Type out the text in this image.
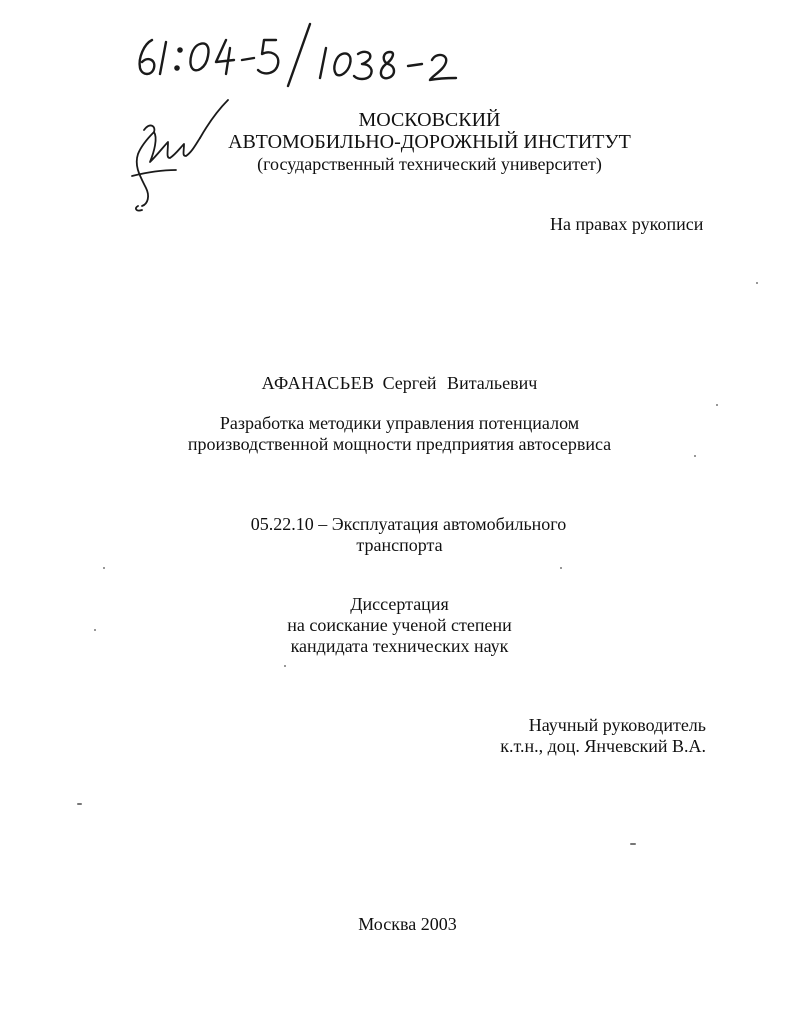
МОСКОВСКИЙ
АВТОМОБИЛЬНО-ДОРОЖНЫЙ ИНСТИТУТ
(государственный технический университет)
На правах рукописи
АФАНАСЬЕВ Сергей Витальевич
Разработка методики управления потенциалом
производственной мощности предприятия автосервиса
05.22.10 – Эксплуатация автомобильного
транспорта
Диссертация
на соискание ученой степени
кандидата технических наук
Научный руководитель
к.т.н., доц. Янчевский В.А.
Москва 2003
